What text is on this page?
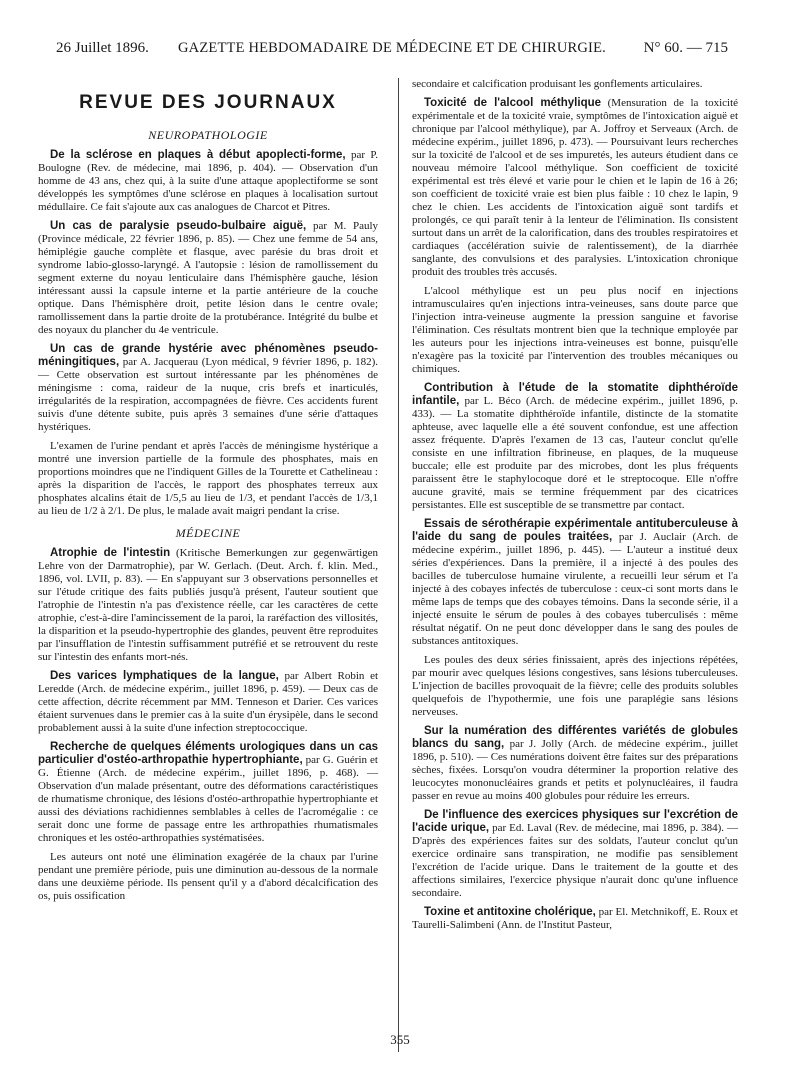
26 Juillet 1896.	GAZETTE HEBDOMADAIRE DE MÉDECINE ET DE CHIRURGIE.	N° 60. — 715
REVUE DES JOURNAUX
NEUROPATHOLOGIE

De la sclérose en plaques à début apoplecti-forme, par P. Boulogne (Rev. de médecine, mai 1896, p. 404). — Observation d'un homme de 43 ans, chez qui, à la suite d'une attaque apoplectiforme se sont développés les symptômes d'une sclérose en plaques à localisation surtout médullaire. Ce fait s'ajoute aux cas analogues de Charcot et Pitres.

Un cas de paralysie pseudo-bulbaire aiguë, par M. Pauly (Province médicale, 22 février 1896, p. 85). — Chez une femme de 54 ans, hémiplégie gauche complète et flasque, avec parésie du bras droit et syndrome labio-glosso-laryngé. A l'autopsie : lésion de ramollissement du segment externe du noyau lenticulaire dans l'hémisphère gauche, lésion intéressant aussi la capsule interne et la partie antérieure de la couche optique. Dans l'hémisphère droit, petite lésion dans le centre ovale; ramollissement dans la partie droite de la protubérance. Intégrité du bulbe et des noyaux du plancher du 4e ventricule.

Un cas de grande hystérie avec phénomènes pseudo-méningitiques, par A. Jacquerau (Lyon médical, 9 février 1896, p. 182). — Cette observation est surtout intéressante par les phénomènes de méningisme : coma, raideur de la nuque, cris brefs et inarticulés, irrégularités de la respiration, accompagnées de fièvre. Ces accidents furent suivis d'une détente subite, puis après 3 semaines d'une série d'attaques hystériques.

L'examen de l'urine pendant et après l'accès de méningisme hystérique a montré une inversion partielle de la formule des phosphates, mais en proportions moindres que ne l'indiquent Gilles de la Tourette et Cathelineau : après la disparition de l'accès, le rapport des phosphates terreux aux phosphates alcalins était de 1/5,5 au lieu de 1/3, et pendant l'accès de 1/3,1 au lieu de 1/2 à 2/1. De plus, le malade avait maigri pendant la crise.

MÉDECINE

Atrophie de l'intestin (Kritische Bemerkungen zur gegenwärtigen Lehre von der Darmatrophie), par W. Gerlach. (Deut. Arch. f. klin. Med., 1896, vol. LVII, p. 83). — En s'appuyant sur 3 observations personnelles et sur l'étude critique des faits publiés jusqu'à présent, l'auteur soutient que l'atrophie de l'intestin n'a pas d'existence réelle, car les caractères de cette atrophie, c'est-à-dire l'amincissement de la paroi, la raréfaction des villosités, la disparition et la pseudo-hypertrophie des glandes, peuvent être reproduites par l'insufflation de l'intestin suffisamment putréfié et se retrouvent du reste sur l'intestin des enfants mort-nés.

Des varices lymphatiques de la langue, par Albert Robin et Leredde (Arch. de médecine expérim., juillet 1896, p. 459). — Deux cas de cette affection, décrite récemment par MM. Tenneson et Darier. Ces varices étaient survenues dans le premier cas à la suite d'un érysipèle, dans le second probablement aussi à la suite d'une infection streptococcique.

Recherche de quelques éléments urologiques dans un cas particulier d'ostéo-arthropathie hypertrophiante, par G. Guérin et G. Étienne (Arch. de médecine expérim., juillet 1896, p. 468). — Observation d'un malade présentant, outre des déformations caractéristiques de rhumatisme chronique, des lésions d'ostéo-arthropathie hypertrophiante et aussi des déviations rachidiennes semblables à celles de l'acromégalie : ce serait donc une forme de passage entre les arthropathies rhumatismales chroniques et les ostéo-arthropathies systématisées.

Les auteurs ont noté une élimination exagérée de la chaux par l'urine pendant une première période, puis une diminution au-dessous de la normale dans une deuxième période. Ils pensent qu'il y a d'abord décalcification des os, puis ossification

secondaire et calcification produisant les gonflements articulaires.

Toxicité de l'alcool méthylique (Mensuration de la toxicité expérimentale et de la toxicité vraie, symptômes de l'intoxication aiguë et chronique par l'alcool méthylique), par A. Joffroy et Serveaux (Arch. de médecine expérim., juillet 1896, p. 473). — Poursuivant leurs recherches sur la toxicité de l'alcool et de ses impuretés, les auteurs étudient dans ce nouveau mémoire l'alcool méthylique. Son coefficient de toxicité expérimental est très élevé et varie pour le chien et le lapin de 16 à 26; son coefficient de toxicité vraie est bien plus faible : 10 chez le lapin, 9 chez le chien. Les accidents de l'intoxication aiguë sont tardifs et prolongés, ce qui paraît tenir à la lenteur de l'élimination. Ils consistent surtout dans un arrêt de la calorification, dans des troubles respiratoires et cardiaques (accélération suivie de ralentissement), de la diarrhée sanglante, des convulsions et des paralysies. L'intoxication chronique produit des troubles très accusés.

L'alcool méthylique est un peu plus nocif en injections intramusculaires qu'en injections intra-veineuses, sans doute parce que l'injection intra-veineuse augmente la pression sanguine et favorise l'élimination. Ces résultats montrent bien que la technique employée par les auteurs pour les injections intra-veineuses est bonne, puisqu'elle n'exagère pas la toxicité par l'intervention des troubles mécaniques ou chimiques.

Contribution à l'étude de la stomatite diphthéroïde infantile, par L. Béco (Arch. de médecine expérim., juillet 1896, p. 433). — La stomatite diphthéroïde infantile, distincte de la stomatite aphteuse, avec laquelle elle a été souvent confondue, est une affection assez fréquente. D'après l'examen de 13 cas, l'auteur conclut qu'elle consiste en une infiltration fibrineuse, en plaques, de la muqueuse buccale; elle est produite par des microbes, dont les plus fréquents paraissent être le staphylocoque doré et le streptocoque. Elle n'offre aucune gravité, mais se termine fréquemment par des cicatrices persistantes. Elle est susceptible de se transmettre par contact.

Essais de sérothérapie expérimentale antituberculeuse à l'aide du sang de poules traitées, par J. Auclair (Arch. de médecine expérim., juillet 1896, p. 445). — L'auteur a institué deux séries d'expériences. Dans la première, il a injecté à des poules des bacilles de tuberculose humaine virulente, a recueilli leur sérum et l'a injecté à des cobayes infectés de tuberculose : ceux-ci sont morts dans le même laps de temps que des cobayes témoins. Dans la seconde série, il a injecté ensuite le sérum de poules à des cobayes tuberculisés : même résultat négatif. On ne peut donc développer dans le sang des poules de substances antitoxiques.

Les poules des deux séries finissaient, après des injections répétées, par mourir avec quelques lésions congestives, sans lésions tuberculeuses. L'injection de bacilles provoquait de la fièvre; celle des produits solubles quelquefois de l'hypothermie, une fois une paraplégie sans lésions nerveuses.

Sur la numération des différentes variétés de globules blancs du sang, par J. Jolly (Arch. de médecine expérim., juillet 1896, p. 510). — Ces numérations doivent être faites sur des préparations sèches, fixées. Lorsqu'on voudra déterminer la proportion relative des leucocytes mononucléaires grands et petits et polynucléaires, il faudra passer en revue au moins 400 globules pour réduire les erreurs.

De l'influence des exercices physiques sur l'excrétion de l'acide urique, par Ed. Laval (Rev. de médecine, mai 1896, p. 384). — D'après des expériences faites sur des soldats, l'auteur conclut qu'un exercice ordinaire sans transpiration, ne modifie pas sensiblement l'excrétion de l'acide urique. Dans le traitement de la goutte et des affections similaires, l'exercice physique n'aurait donc qu'une influence secondaire.

Toxine et antitoxine cholérique, par El. Metchnikoff, E. Roux et Taurelli-Salimbeni (Ann. de l'Institut Pasteur,

355
